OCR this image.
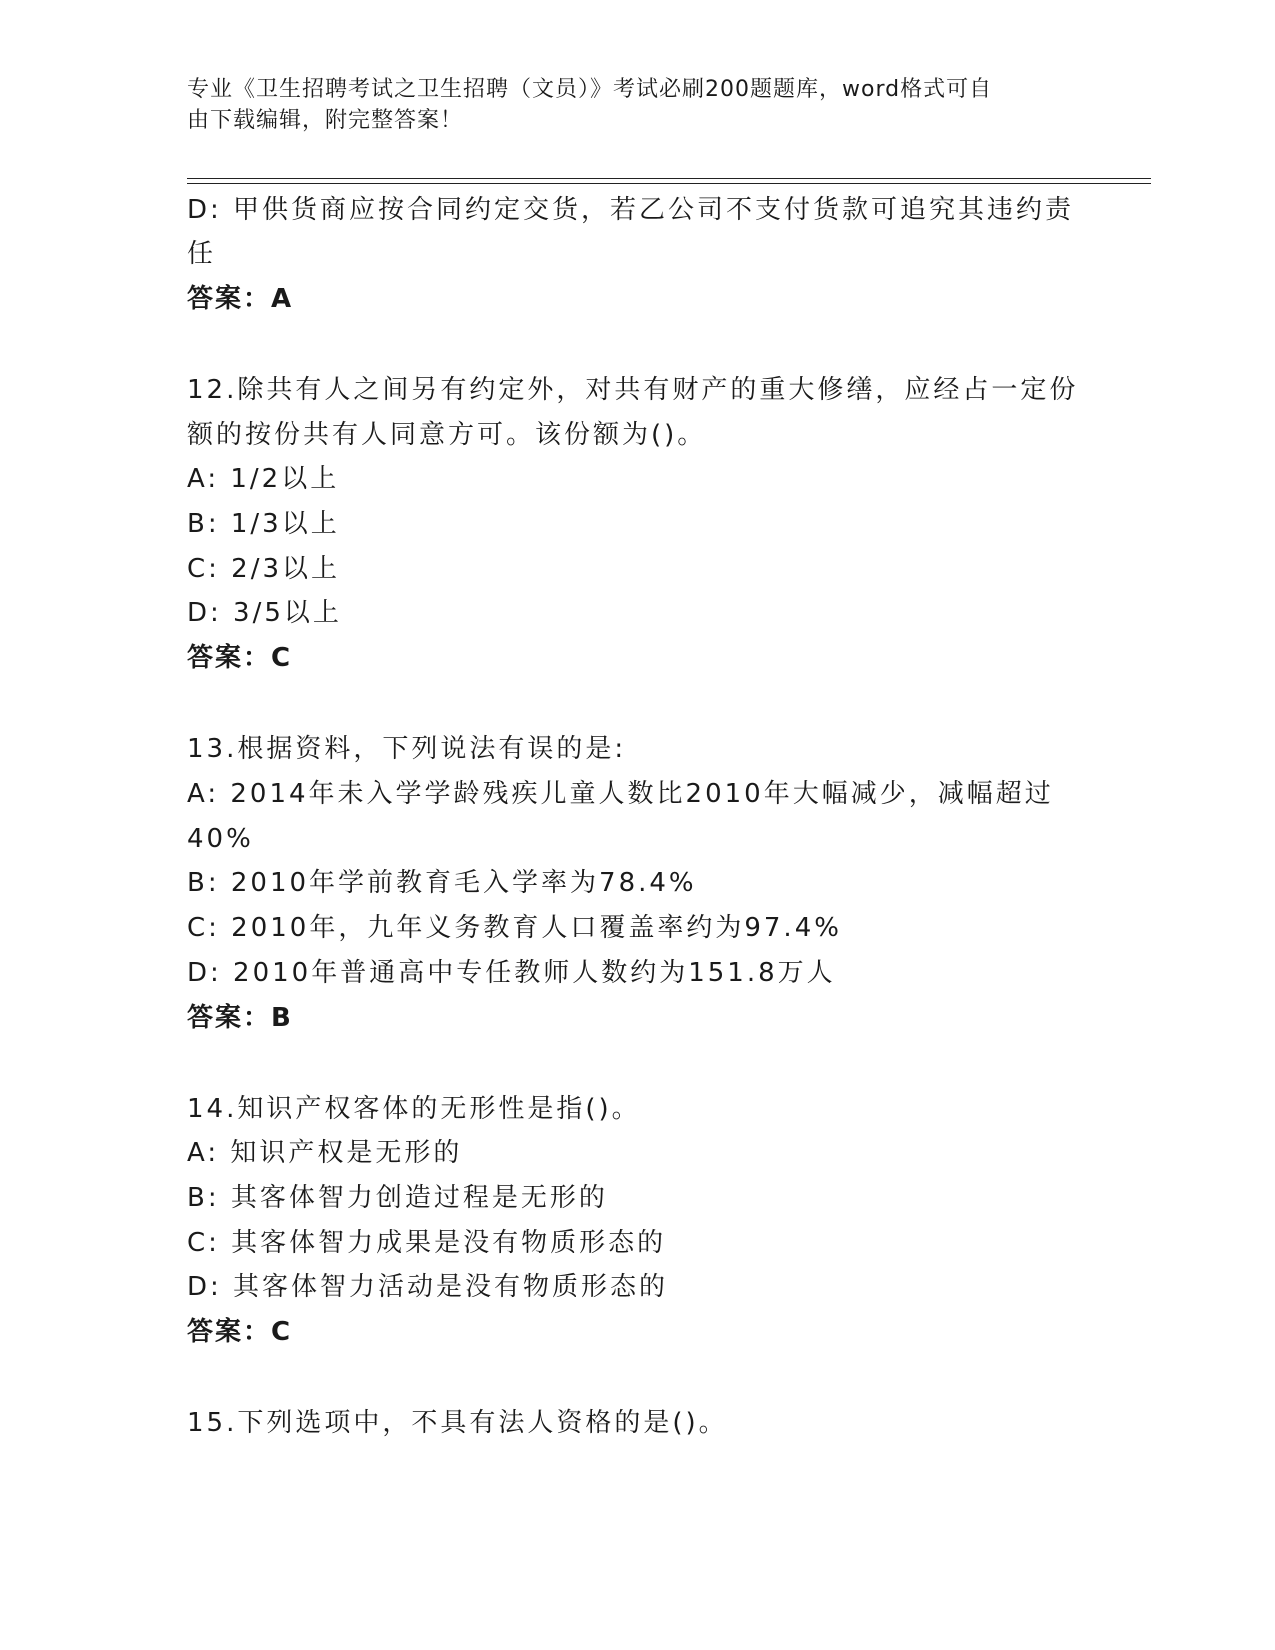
专业《卫生招聘考试之卫生招聘（文员）》考试必刷200题题库，word格式可自
由下载编辑，附完整答案！
D: 甲供货商应按合同约定交货，若乙公司不支付货款可追究其违约责
任
答案：A
12.除共有人之间另有约定外，对共有财产的重大修缮，应经占一定份
额的按份共有人同意方可。该份额为()。
A: 1/2以上
B: 1/3以上
C: 2/3以上
D: 3/5以上
答案：C
13.根据资料，下列说法有误的是:
A: 2014年未入学学龄残疾儿童人数比2010年大幅减少，减幅超过
40%
B: 2010年学前教育毛入学率为78.4%
C: 2010年，九年义务教育人口覆盖率约为97.4%
D: 2010年普通高中专任教师人数约为151.8万人
答案：B
14.知识产权客体的无形性是指()。
A: 知识产权是无形的
B: 其客体智力创造过程是无形的
C: 其客体智力成果是没有物质形态的
D: 其客体智力活动是没有物质形态的
答案：C
15.下列选项中，不具有法人资格的是()。
